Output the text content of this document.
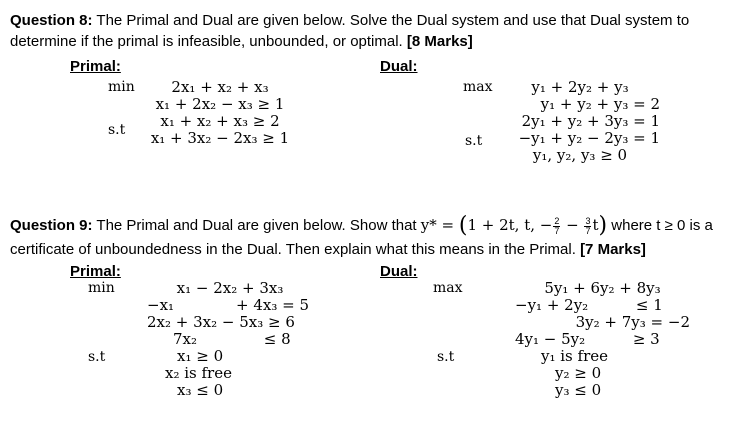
Question 8: The Primal and Dual are given below. Solve the Dual system and use that Dual system to
determine if the primal is infeasible, unbounded, or optimal. [8 Marks]
Primal:	Dual:
min
s.t
2x₁ + x₂ + x₃
x₁ + 2x₂ − x₃ ≥ 1
x₁ + x₂ + x₃ ≥ 2
x₁ + 3x₂ − 2x₃ ≥ 1
max
s.t
y₁ + 2y₂ + y₃
y₁ + y₂ + y₃ = 2
2y₁ + y₂ + 3y₃ = 1
−y₁ + y₂ − 2y₃ = 1
y₁, y₂, y₃ ≥ 0
Question 9: The Primal and Dual are given below. Show that y* = (1 + 2t, t, − $\frac{2}{7} - \frac{3}{7} t$) where t ≥ 0 is a
certificate of unboundedness in the Dual. Then explain what this means in the Primal. [7 Marks]
Primal:	Dual:
min
s.t
x₁ − 2x₂ + 3x₃
−x₁             + 4x₃ = 5
2x₂ + 3x₂ − 5x₃ ≥ 6
7x₂              ≤ 8
x₁ ≥ 0
x₂ is free
x₃ ≤ 0
max
s.t
5y₁ + 6y₂ + 8y₃
−y₁ + 2y₂          ≤ 1
3y₂ + 7y₃ = −2
4y₁ − 5y₂          ≥ 3
y₁ is free
y₂ ≥ 0
y₃ ≤ 0
